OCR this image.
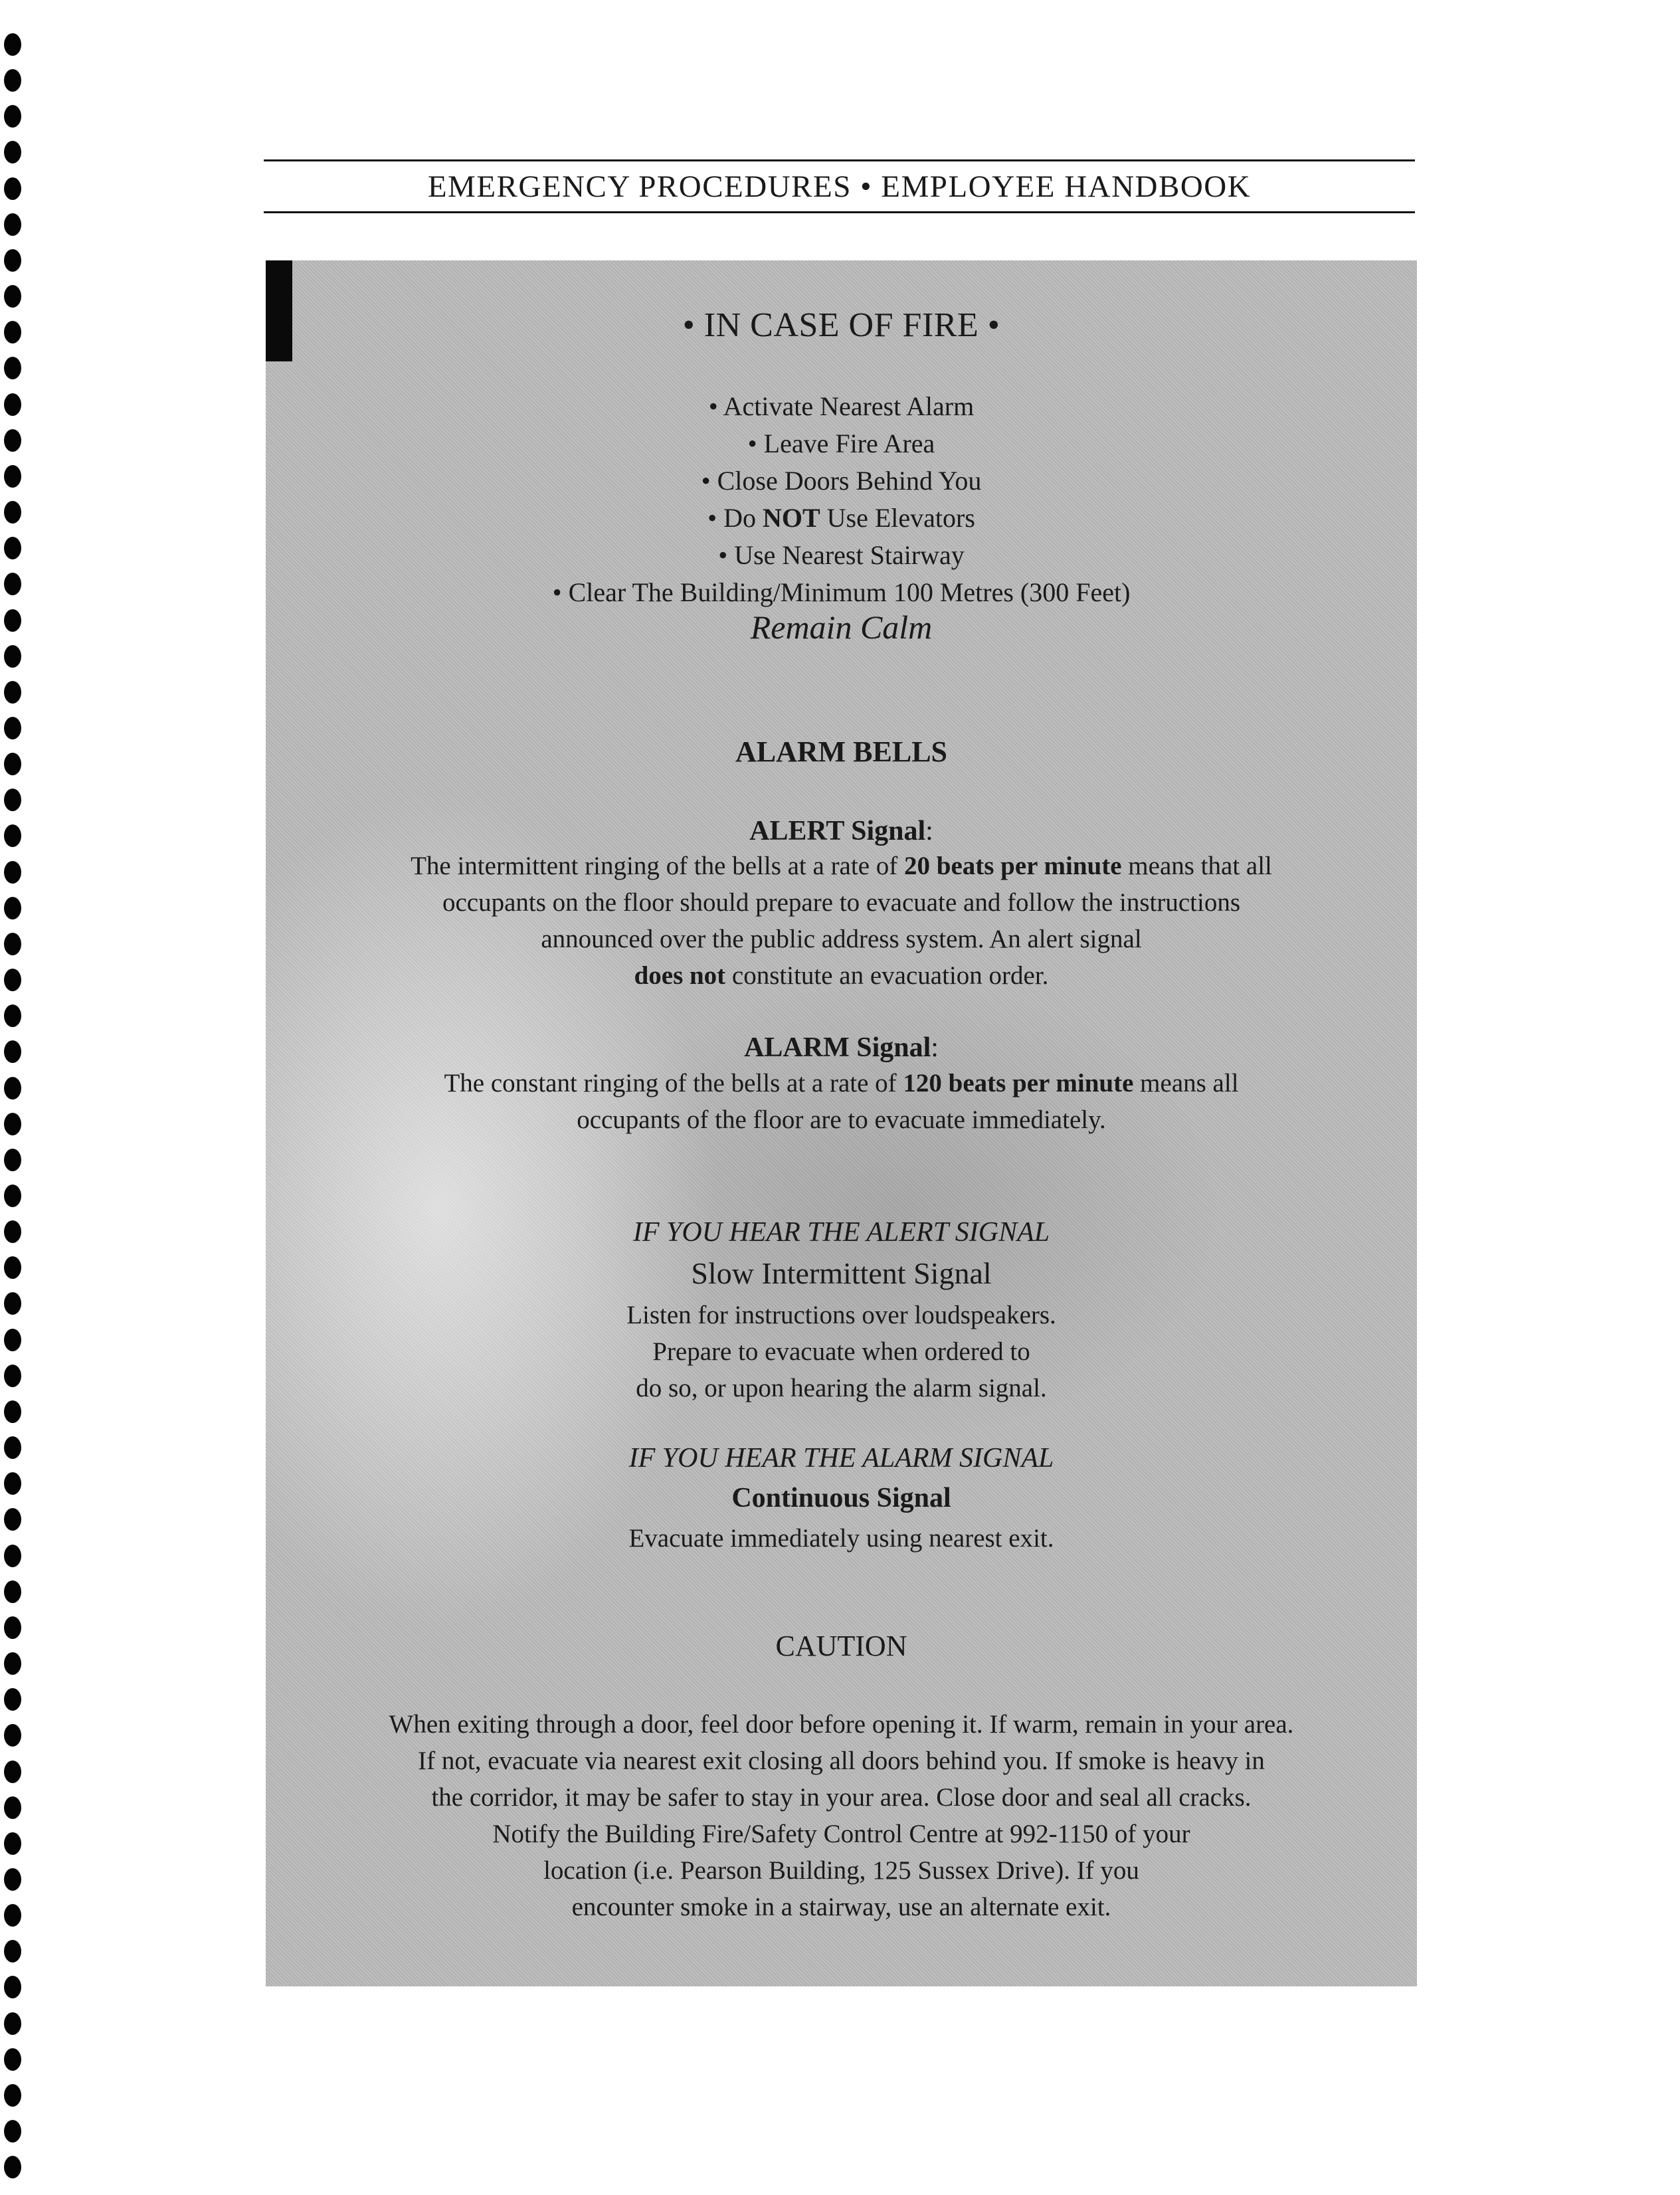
EMERGENCY PROCEDURES • EMPLOYEE HANDBOOK
• IN CASE OF FIRE •
• Activate Nearest Alarm
• Leave Fire Area
• Close Doors Behind You
• Do NOT Use Elevators
• Use Nearest Stairway
• Clear The Building/Minimum 100 Metres (300 Feet)
Remain Calm
ALARM BELLS
ALERT Signal:
The intermittent ringing of the bells at a rate of 20 beats per minute means that all
occupants on the floor should prepare to evacuate and follow the instructions
announced over the public address system. An alert signal
does not constitute an evacuation order.
ALARM Signal:
The constant ringing of the bells at a rate of 120 beats per minute means all
occupants of the floor are to evacuate immediately.
IF YOU HEAR THE ALERT SIGNAL
Slow Intermittent Signal
Listen for instructions over loudspeakers.
Prepare to evacuate when ordered to
do so, or upon hearing the alarm signal.
IF YOU HEAR THE ALARM SIGNAL
Continuous Signal
Evacuate immediately using nearest exit.
CAUTION
When exiting through a door, feel door before opening it. If warm, remain in your area.
If not, evacuate via nearest exit closing all doors behind you. If smoke is heavy in
the corridor, it may be safer to stay in your area. Close door and seal all cracks.
Notify the Building Fire/Safety Control Centre at 992-1150 of your
location (i.e. Pearson Building, 125 Sussex Drive). If you
encounter smoke in a stairway, use an alternate exit.
